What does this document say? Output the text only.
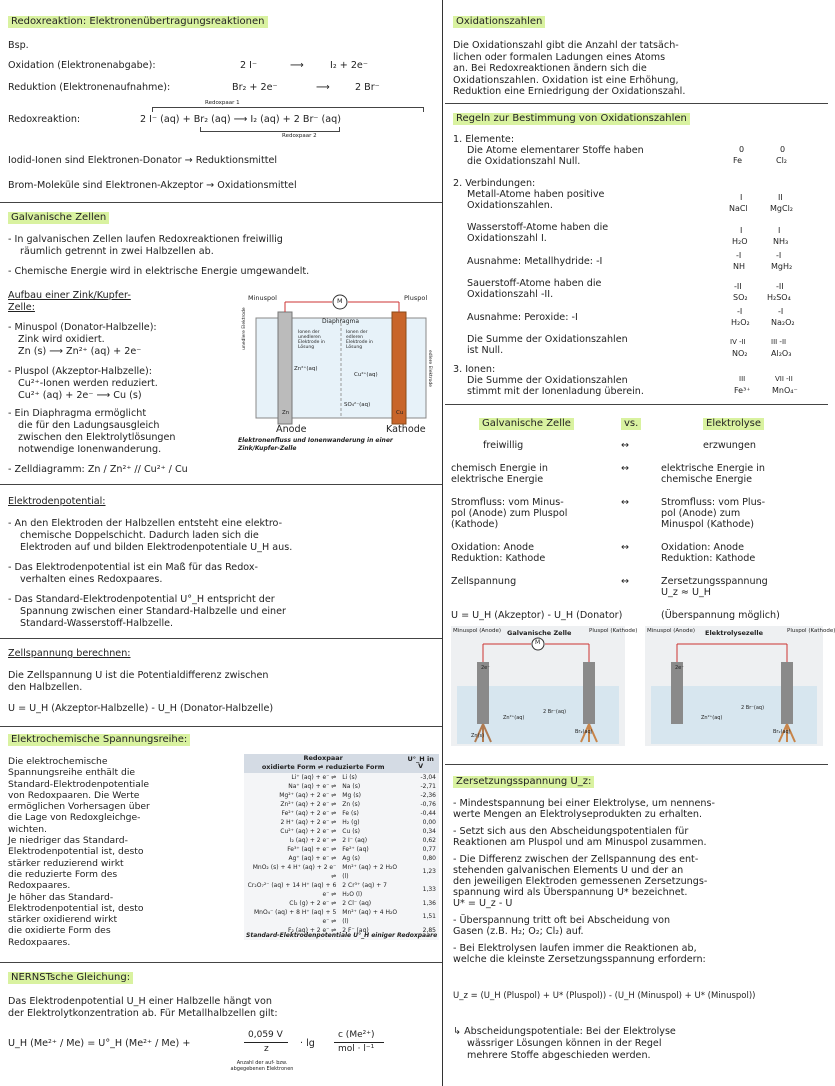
Redoxreaktion: Elektronenübertragungsreaktionen
Bsp.
Oxidation (Elektronenabgabe):	2 I⁻	⟶	I₂ + 2e⁻
Reduktion (Elektronenaufnahme):	Br₂ + 2e⁻	⟶	2 Br⁻
Redoxpaar 1
Redoxreaktion:	2 I⁻ (aq) + Br₂ (aq) ⟶ I₂ (aq) + 2 Br⁻ (aq)
Redoxpaar 2
Iodid-Ionen sind Elektronen-Donator → Reduktionsmittel
Brom-Moleküle sind Elektronen-Akzeptor → Oxidationsmittel
Galvanische Zellen
- In galvanischen Zellen laufen Redoxreaktionen freiwillig
räumlich getrennt in zwei Halbzellen ab.
- Chemische Energie wird in elektrische Energie umgewandelt.
Aufbau einer Zink/Kupfer-
Zelle:
- Minuspol (Donator-Halbzelle):
Zink wird oxidiert.
Zn (s) ⟶ Zn²⁺ (aq) + 2e⁻
- Pluspol (Akzeptor-Halbzelle):
Cu²⁺-Ionen werden reduziert.
Cu²⁺ (aq) + 2e⁻ ⟶ Cu (s)
- Ein Diaphragma ermöglicht
die für den Ladungsausgleich
zwischen den Elektrolytlösungen
notwendige Ionenwanderung.
- Zelldiagramm: Zn / Zn²⁺ // Cu²⁺ / Cu
Minuspol	Pluspol
M
Diaphragma
Ionen der unedleren Elektrode in Lösung
Ionen der edleren Elektrode in Lösung
Zn²⁺(aq)
Cu²⁺(aq)
SO₄²⁻(aq)
Zn	Cu
unedlere Elektrode
edlere Elektrode
Anode	Kathode
Elektronenfluss und Ionenwanderung in einer Zink/Kupfer-Zelle
Elektrodenpotential:
- An den Elektroden der Halbzellen entsteht eine elektro-
chemische Doppelschicht. Dadurch laden sich die
Elektroden auf und bilden Elektrodenpotentiale U_H aus.
- Das Elektrodenpotential ist ein Maß für das Redox-
verhalten eines Redoxpaares.
- Das Standard-Elektrodenpotential U°_H entspricht der
Spannung zwischen einer Standard-Halbzelle und einer
Standard-Wasserstoff-Halbzelle.
Zellspannung berechnen:
Die Zellspannung U ist die Potentialdifferenz zwischen
den Halbzellen.
U = U_H (Akzeptor-Halbzelle) - U_H (Donator-Halbzelle)
Elektrochemische Spannungsreihe:
Die elektrochemische
Spannungsreihe enthält die
Standard-Elektrodenpotentiale
von Redoxpaaren. Die Werte
ermöglichen Vorhersagen über
die Lage von Redoxgleichge-
wichten.
Je niedriger das Standard-
Elektrodenpotential ist, desto
stärker reduzierend wirkt
die reduzierte Form des
Redoxpaares.
Je höher das Standard-
Elektrodenpotential ist, desto
stärker oxidierend wirkt
die oxidierte Form des
Redoxpaares.
Redoxpaar		U°_H in V
oxidierte Form ⇌ reduzierte Form		
Li⁺ (aq) + e⁻ ⇌	Li (s)	-3,04
Na⁺ (aq) + e⁻ ⇌	Na (s)	-2,71
Mg²⁺ (aq) + 2 e⁻ ⇌	Mg (s)	-2,36
Zn²⁺ (aq) + 2 e⁻ ⇌	Zn (s)	-0,76
Fe²⁺ (aq) + 2 e⁻ ⇌	Fe (s)	-0,44
2 H⁺ (aq) + 2 e⁻ ⇌	H₂ (g)	0,00
Cu²⁺ (aq) + 2 e⁻ ⇌	Cu (s)	0,34
I₂ (aq) + 2 e⁻ ⇌	2 I⁻ (aq)	0,62
Fe³⁺ (aq) + e⁻ ⇌	Fe²⁺ (aq)	0,77
Ag⁺ (aq) + e⁻ ⇌	Ag (s)	0,80
MnO₂ (s) + 4 H⁺ (aq) + 2 e⁻ ⇌	Mn²⁺ (aq) + 2 H₂O (l)	1,23
Cr₂O₇²⁻ (aq) + 14 H⁺ (aq) + 6 e⁻ ⇌	2 Cr³⁺ (aq) + 7 H₂O (l)	1,33
Cl₂ (g) + 2 e⁻ ⇌	2 Cl⁻ (aq)	1,36
MnO₄⁻ (aq) + 8 H⁺ (aq) + 5 e⁻ ⇌	Mn²⁺ (aq) + 4 H₂O (l)	1,51
F₂ (aq) + 2 e⁻ ⇌	2 F⁻ (aq)	2,85
Standard-Elektrodenpotentiale U°_H einiger Redoxpaare
NERNSTsche Gleichung:
Das Elektrodenpotential U_H einer Halbzelle hängt von
der Elektrolytkonzentration ab. Für Metallhalbzellen gilt:
U_H (Me²⁺ / Me) = U°_H (Me²⁺ / Me) +
0,059 V
z	· lg
c (Me²⁺)
mol · l⁻¹
Anzahl der auf- bzw. abgegebenen Elektronen
Oxidationszahlen
Die Oxidationszahl gibt die Anzahl der tatsäch-
lichen oder formalen Ladungen eines Atoms
an. Bei Redoxreaktionen ändern sich die
Oxidationszahlen. Oxidation ist eine Erhöhung,
Reduktion eine Erniedrigung der Oxidationszahl.
Regeln zur Bestimmung von Oxidationszahlen
1. Elemente:
Die Atome elementarer Stoffe haben
die Oxidationszahl Null.
0
Fe
0
Cl₂
2. Verbindungen:
Metall-Atome haben positive
Oxidationszahlen.
I
NaCl
II
MgCl₂
Wasserstoff-Atome haben die
Oxidationszahl I.
I
H₂O
I
NH₃
Ausnahme: Metallhydride: -I
-I
NH
-I
MgH₂
Sauerstoff-Atome haben die
Oxidationszahl -II.
-II
SO₂
-II
H₂SO₄
Ausnahme: Peroxide: -I
-I
H₂O₂
-I
Na₂O₂
Die Summe der Oxidationszahlen
ist Null.
IV -II
NO₂
III -II
Al₂O₃
3. Ionen:
Die Summe der Oxidationszahlen
stimmt mit der Ionenladung überein.
III
Fe³⁺
VII -II
MnO₄⁻
Galvanische Zelle	vs.	Elektrolyse
freiwillig	↔	erzwungen
chemisch Energie in
elektrische Energie
↔	elektrische Energie in
chemische Energie
Stromfluss: vom Minus-
pol (Anode) zum Pluspol
(Kathode)
↔	Stromfluss: vom Plus-
pol (Anode) zum
Minuspol (Kathode)
Oxidation: Anode
Reduktion: Kathode
↔	Oxidation: Anode
Reduktion: Kathode
Zellspannung	↔	Zersetzungsspannung
U_z ≈ U_H
U = U_H (Akzeptor) - U_H (Donator)	(Überspannung möglich)
Minuspol (Anode)	Pluspol (Kathode)
Galvanische Zelle
M
2e⁻
Zn²⁺(aq)
Zn(s)
2 Br⁻(aq)
Br₂(aq)
Minuspol (Anode)	Pluspol (Kathode)
Elektrolysezelle
2e⁻
Zn²⁺(aq)
2 Br⁻(aq)
Br₂(aq)
Zersetzungsspannung U_z:
- Mindestspannung bei einer Elektrolyse, um nennens-
werte Mengen an Elektrolyseprodukten zu erhalten.

- Setzt sich aus den Abscheidungspotentialen für
Reaktionen am Pluspol und am Minuspol zusammen.

- Die Differenz zwischen der Zellspannung des ent-
stehenden galvanischen Elements U und der an
den jeweiligen Elektroden gemessenen Zersetzungs-
spannung wird als Überspannung U* bezeichnet.
U* = U_z - U

- Überspannung tritt oft bei Abscheidung von
Gasen (z.B. H₂; O₂; Cl₂) auf.

- Bei Elektrolysen laufen immer die Reaktionen ab,
welche die kleinste Zersetzungsspannung erfordern:
U_z = (U_H (Pluspol) + U* (Pluspol)) - (U_H (Minuspol) + U* (Minuspol))
↳ Abscheidungspotentiale: Bei der Elektrolyse
wässriger Lösungen können in der Regel
mehrere Stoffe abgeschieden werden.
